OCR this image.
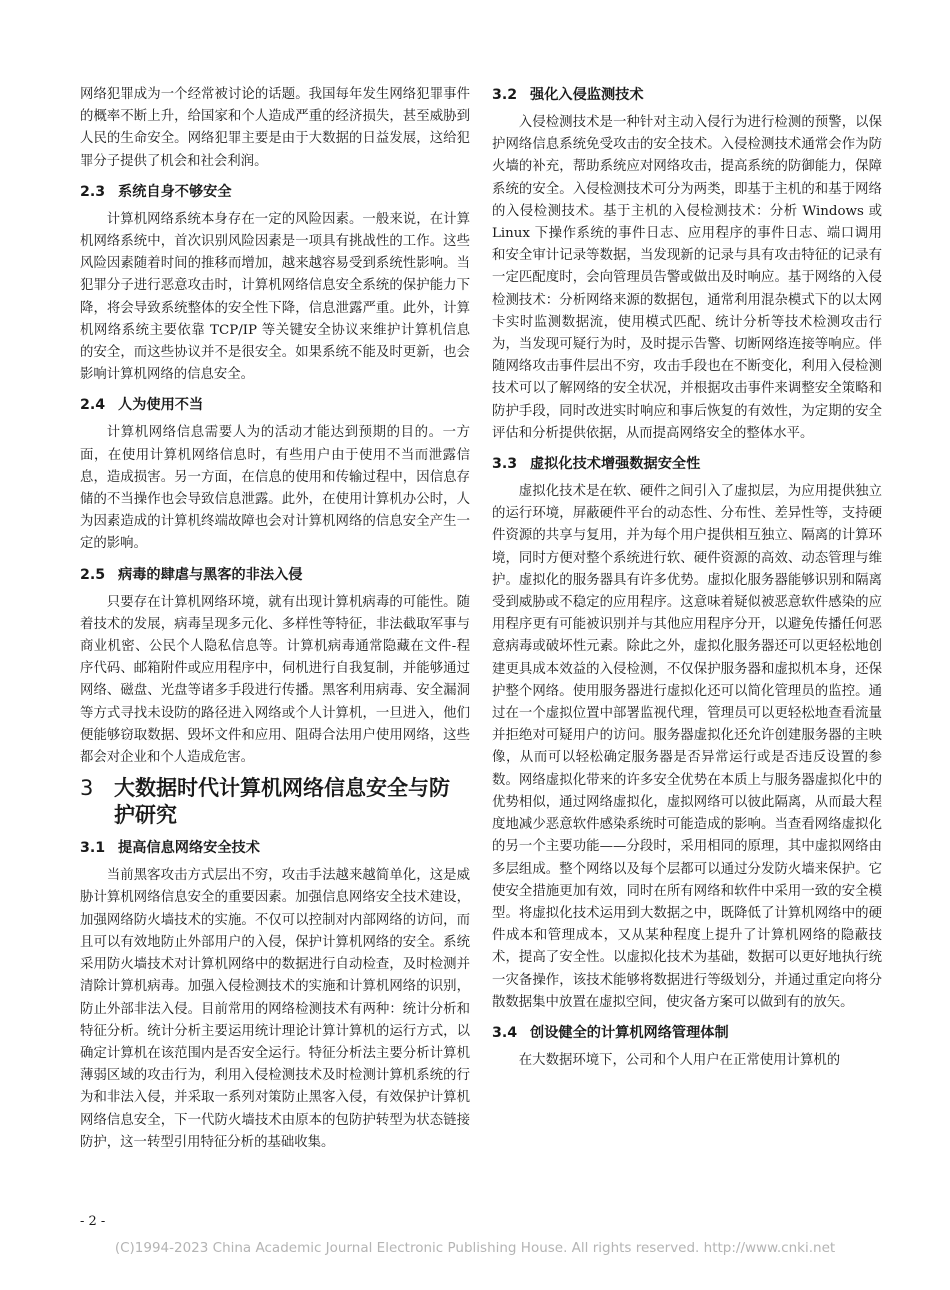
网络犯罪成为一个经常被讨论的话题。我国每年发生网络犯罪事件的概率不断上升，给国家和个人造成严重的经济损失，甚至威胁到人民的生命安全。网络犯罪主要是由于大数据的日益发展，这给犯罪分子提供了机会和社会利润。

2.3 系统自身不够安全

计算机网络系统本身存在一定的风险因素。一般来说，在计算机网络系统中，首次识别风险因素是一项具有挑战性的工作。这些风险因素随着时间的推移而增加，越来越容易受到系统性影响。当犯罪分子进行恶意攻击时，计算机网络信息安全系统的保护能力下降，将会导致系统整体的安全性下降，信息泄露严重。此外，计算机网络系统主要依靠 TCP/IP 等关键安全协议来维护计算机信息的安全，而这些协议并不是很安全。如果系统不能及时更新，也会影响计算机网络的信息安全。

2.4 人为使用不当

计算机网络信息需要人为的活动才能达到预期的目的。一方面，在使用计算机网络信息时，有些用户由于使用不当而泄露信息，造成损害。另一方面，在信息的使用和传输过程中，因信息存储的不当操作也会导致信息泄露。此外，在使用计算机办公时，人为因素造成的计算机终端故障也会对计算机网络的信息安全产生一定的影响。

2.5 病毒的肆虐与黑客的非法入侵

只要存在计算机网络环境，就有出现计算机病毒的可能性。随着技术的发展，病毒呈现多元化、多样性等特征，非法截取军事与商业机密、公民个人隐私信息等。计算机病毒通常隐藏在文件-程序代码、邮箱附件或应用程序中，伺机进行自我复制，并能够通过网络、磁盘、光盘等诸多手段进行传播。黑客利用病毒、安全漏洞等方式寻找未设防的路径进入网络或个人计算机，一旦进入，他们便能够窃取数据、毁坏文件和应用、阻碍合法用户使用网络，这些都会对企业和个人造成危害。

3 大数据时代计算机网络信息安全与防护研究
3.1 提高信息网络安全技术

当前黑客攻击方式层出不穷，攻击手法越来越简单化，这是威胁计算机网络信息安全的重要因素。加强信息网络安全技术建设，加强网络防火墙技术的实施。不仅可以控制对内部网络的访问，而且可以有效地防止外部用户的入侵，保护计算机网络的安全。系统采用防火墙技术对计算机网络中的数据进行自动检查，及时检测并清除计算机病毒。加强入侵检测技术的实施和计算机网络的识别，防止外部非法入侵。目前常用的网络检测技术有两种：统计分析和特征分析。统计分析主要运用统计理论计算计算机的运行方式，以确定计算机在该范围内是否安全运行。特征分析法主要分析计算机薄弱区域的攻击行为，利用入侵检测技术及时检测计算机系统的行为和非法入侵，并采取一系列对策防止黑客入侵，有效保护计算机网络信息安全，下一代防火墙技术由原本的包防护转型为状态链接防护，这一转型引用特征分析的基础收集。

3.2 强化入侵监测技术

入侵检测技术是一种针对主动入侵行为进行检测的预警，以保护网络信息系统免受攻击的安全技术。入侵检测技术通常会作为防火墙的补充，帮助系统应对网络攻击，提高系统的防御能力，保障系统的安全。入侵检测技术可分为两类，即基于主机的和基于网络的入侵检测技术。基于主机的入侵检测技术：分析 Windows 或 Linux 下操作系统的事件日志、应用程序的事件日志、端口调用和安全审计记录等数据，当发现新的记录与具有攻击特征的记录有一定匹配度时，会向管理员告警或做出及时响应。基于网络的入侵检测技术：分析网络来源的数据包，通常利用混杂模式下的以太网卡实时监测数据流，使用模式匹配、统计分析等技术检测攻击行为，当发现可疑行为时，及时提示告警、切断网络连接等响应。伴随网络攻击事件层出不穷，攻击手段也在不断变化，利用入侵检测技术可以了解网络的安全状况，并根据攻击事件来调整安全策略和防护手段，同时改进实时响应和事后恢复的有效性，为定期的安全评估和分析提供依据，从而提高网络安全的整体水平。

3.3 虚拟化技术增强数据安全性

虚拟化技术是在软、硬件之间引入了虚拟层，为应用提供独立的运行环境，屏蔽硬件平台的动态性、分布性、差异性等，支持硬件资源的共享与复用，并为每个用户提供相互独立、隔离的计算环境，同时方便对整个系统进行软、硬件资源的高效、动态管理与维护。虚拟化的服务器具有许多优势。虚拟化服务器能够识别和隔离受到威胁或不稳定的应用程序。这意味着疑似被恶意软件感染的应用程序更有可能被识别并与其他应用程序分开，以避免传播任何恶意病毒或破坏性元素。除此之外，虚拟化服务器还可以更轻松地创建更具成本效益的入侵检测，不仅保护服务器和虚拟机本身，还保护整个网络。使用服务器进行虚拟化还可以简化管理员的监控。通过在一个虚拟位置中部署监视代理，管理员可以更轻松地查看流量并拒绝对可疑用户的访问。服务器虚拟化还允许创建服务器的主映像，从而可以轻松确定服务器是否异常运行或是否违反设置的参数。网络虚拟化带来的许多安全优势在本质上与服务器虚拟化中的优势相似，通过网络虚拟化，虚拟网络可以彼此隔离，从而最大程度地减少恶意软件感染系统时可能造成的影响。当查看网络虚拟化的另一个主要功能——分段时，采用相同的原理，其中虚拟网络由多层组成。整个网络以及每个层都可以通过分发防火墙来保护。它使安全措施更加有效，同时在所有网络和软件中采用一致的安全模型。将虚拟化技术运用到大数据之中，既降低了计算机网络中的硬件成本和管理成本，又从某种程度上提升了计算机网络的隐蔽技术，提高了安全性。以虚拟化技术为基础，数据可以更好地执行统一灾备操作，该技术能够将数据进行等级划分，并通过重定向将分散数据集中放置在虚拟空间，使灾备方案可以做到有的放矢。

3.4 创设健全的计算机网络管理体制

在大数据环境下，公司和个人用户在正常使用计算机的

- 2 -
(C)1994-2023 China Academic Journal Electronic Publishing House. All rights reserved. http://www.cnki.net
